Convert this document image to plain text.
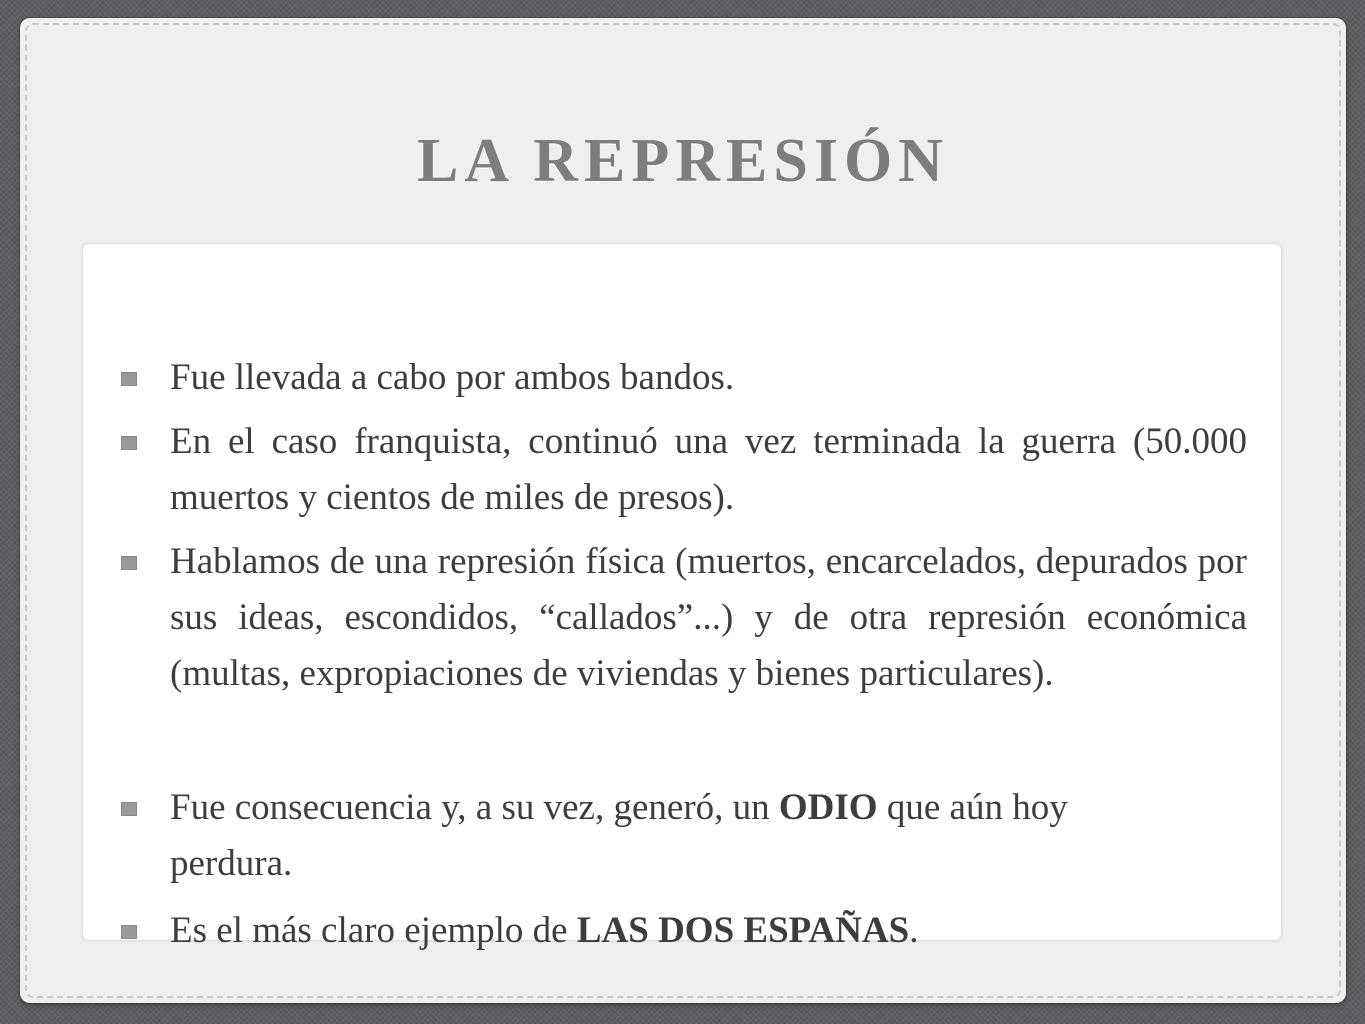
LA REPRESIÓN
Fue llevada a cabo por ambos bandos.
En el caso franquista, continuó una vez terminada la guerra (50.000 muertos y cientos de miles de presos).
Hablamos de una represión física (muertos, encarcelados, depurados por sus ideas, escondidos, “callados”...) y de otra represión económica (multas, expropiaciones de viviendas y bienes particulares).
Fue consecuencia y, a su vez, generó, un ODIO que aún hoy perdura.
Es el más claro ejemplo de LAS DOS ESPAÑAS.
